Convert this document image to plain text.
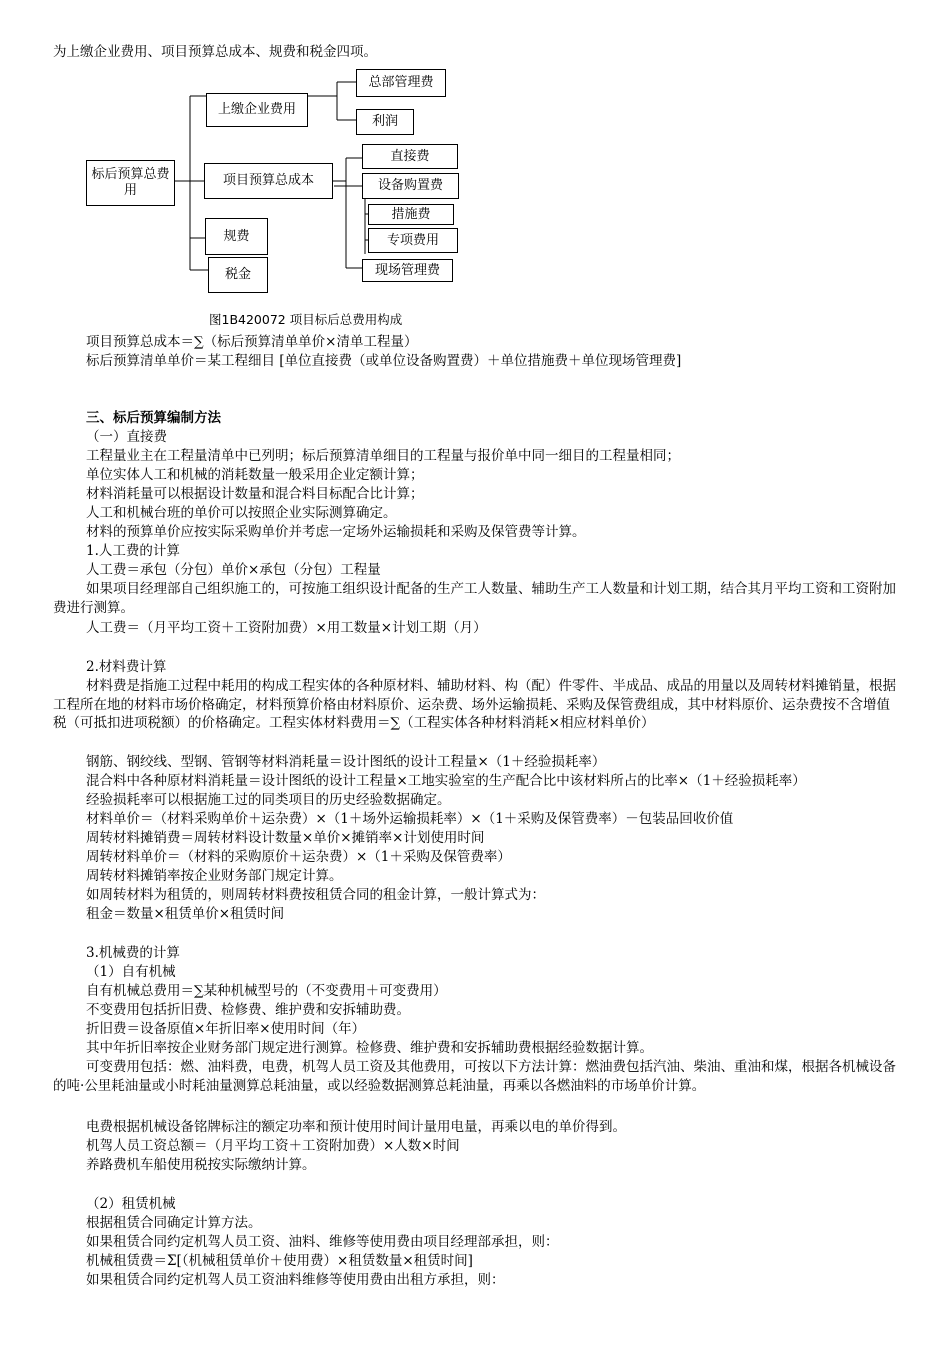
为上缴企业费用、项目预算总成本、规费和税金四项。
标后预算总费用
上缴企业费用
项目预算总成本
规费
税金
总部管理费
利润
直接费
设备购置费
措施费
专项费用
现场管理费
图1B420072 项目标后总费用构成
项目预算总成本＝∑（标后预算清单单价×清单工程量）
标后预算清单单价＝某工程细目 [单位直接费（或单位设备购置费）＋单位措施费＋单位现场管理费]
三、标后预算编制方法
（一）直接费
工程量业主在工程量清单中已列明；标后预算清单细目的工程量与报价单中同一细目的工程量相同；
单位实体人工和机械的消耗数量一般采用企业定额计算；
材料消耗量可以根据设计数量和混合料目标配合比计算；
人工和机械台班的单价可以按照企业实际测算确定。
材料的预算单价应按实际采购单价并考虑一定场外运输损耗和采购及保管费等计算。
1.人工费的计算
人工费＝承包（分包）单价×承包（分包）工程量
如果项目经理部自己组织施工的，可按施工组织设计配备的生产工人数量、辅助生产工人数量和计划工期，结合其月平均工资和工资附加费进行测算。
人工费＝（月平均工资＋工资附加费）×用工数量×计划工期（月）
2.材料费计算
材料费是指施工过程中耗用的构成工程实体的各种原材料、辅助材料、构（配）件零件、半成品、成品的用量以及周转材料摊销量，根据工程所在地的材料市场价格确定，材料预算价格由材料原价、运杂费、场外运输损耗、采购及保管费组成，其中材料原价、运杂费按不含增值税（可抵扣进项税额）的价格确定。工程实体材料费用＝∑（工程实体各种材料消耗×相应材料单价）
钢筋、钢绞线、型钢、管钢等材料消耗量＝设计图纸的设计工程量×（1＋经验损耗率）
混合料中各种原材料消耗量＝设计图纸的设计工程量×工地实验室的生产配合比中该材料所占的比率×（1＋经验损耗率）
经验损耗率可以根据施工过的同类项目的历史经验数据确定。
材料单价＝（材料采购单价＋运杂费）×（1＋场外运输损耗率）×（1＋采购及保管费率）－包装品回收价值
周转材料摊销费＝周转材料设计数量×单价×摊销率×计划使用时间
周转材料单价＝（材料的采购原价＋运杂费）×（1＋采购及保管费率）
周转材料摊销率按企业财务部门规定计算。
如周转材料为租赁的，则周转材料费按租赁合同的租金计算，一般计算式为：
租金＝数量×租赁单价×租赁时间
3.机械费的计算
（1）自有机械
自有机械总费用＝∑某种机械型号的（不变费用＋可变费用）
不变费用包括折旧费、检修费、维护费和安拆辅助费。
折旧费＝设备原值×年折旧率×使用时间（年）
其中年折旧率按企业财务部门规定进行测算。检修费、维护费和安拆辅助费根据经验数据计算。
可变费用包括：燃、油料费，电费，机驾人员工资及其他费用，可按以下方法计算：燃油费包括汽油、柴油、重油和煤，根据各机械设备的吨·公里耗油量或小时耗油量测算总耗油量，或以经验数据测算总耗油量，再乘以各燃油料的市场单价计算。
电费根据机械设备铭牌标注的额定功率和预计使用时间计量用电量，再乘以电的单价得到。
机驾人员工资总额＝（月平均工资＋工资附加费）×人数×时间
养路费机车船使用税按实际缴纳计算。
（2）租赁机械
根据租赁合同确定计算方法。
如果租赁合同约定机驾人员工资、油料、维修等使用费由项目经理部承担，则：
机械租赁费＝Σ[（机械租赁单价＋使用费）×租赁数量×租赁时间]
如果租赁合同约定机驾人员工资油料维修等使用费由出租方承担，则：
